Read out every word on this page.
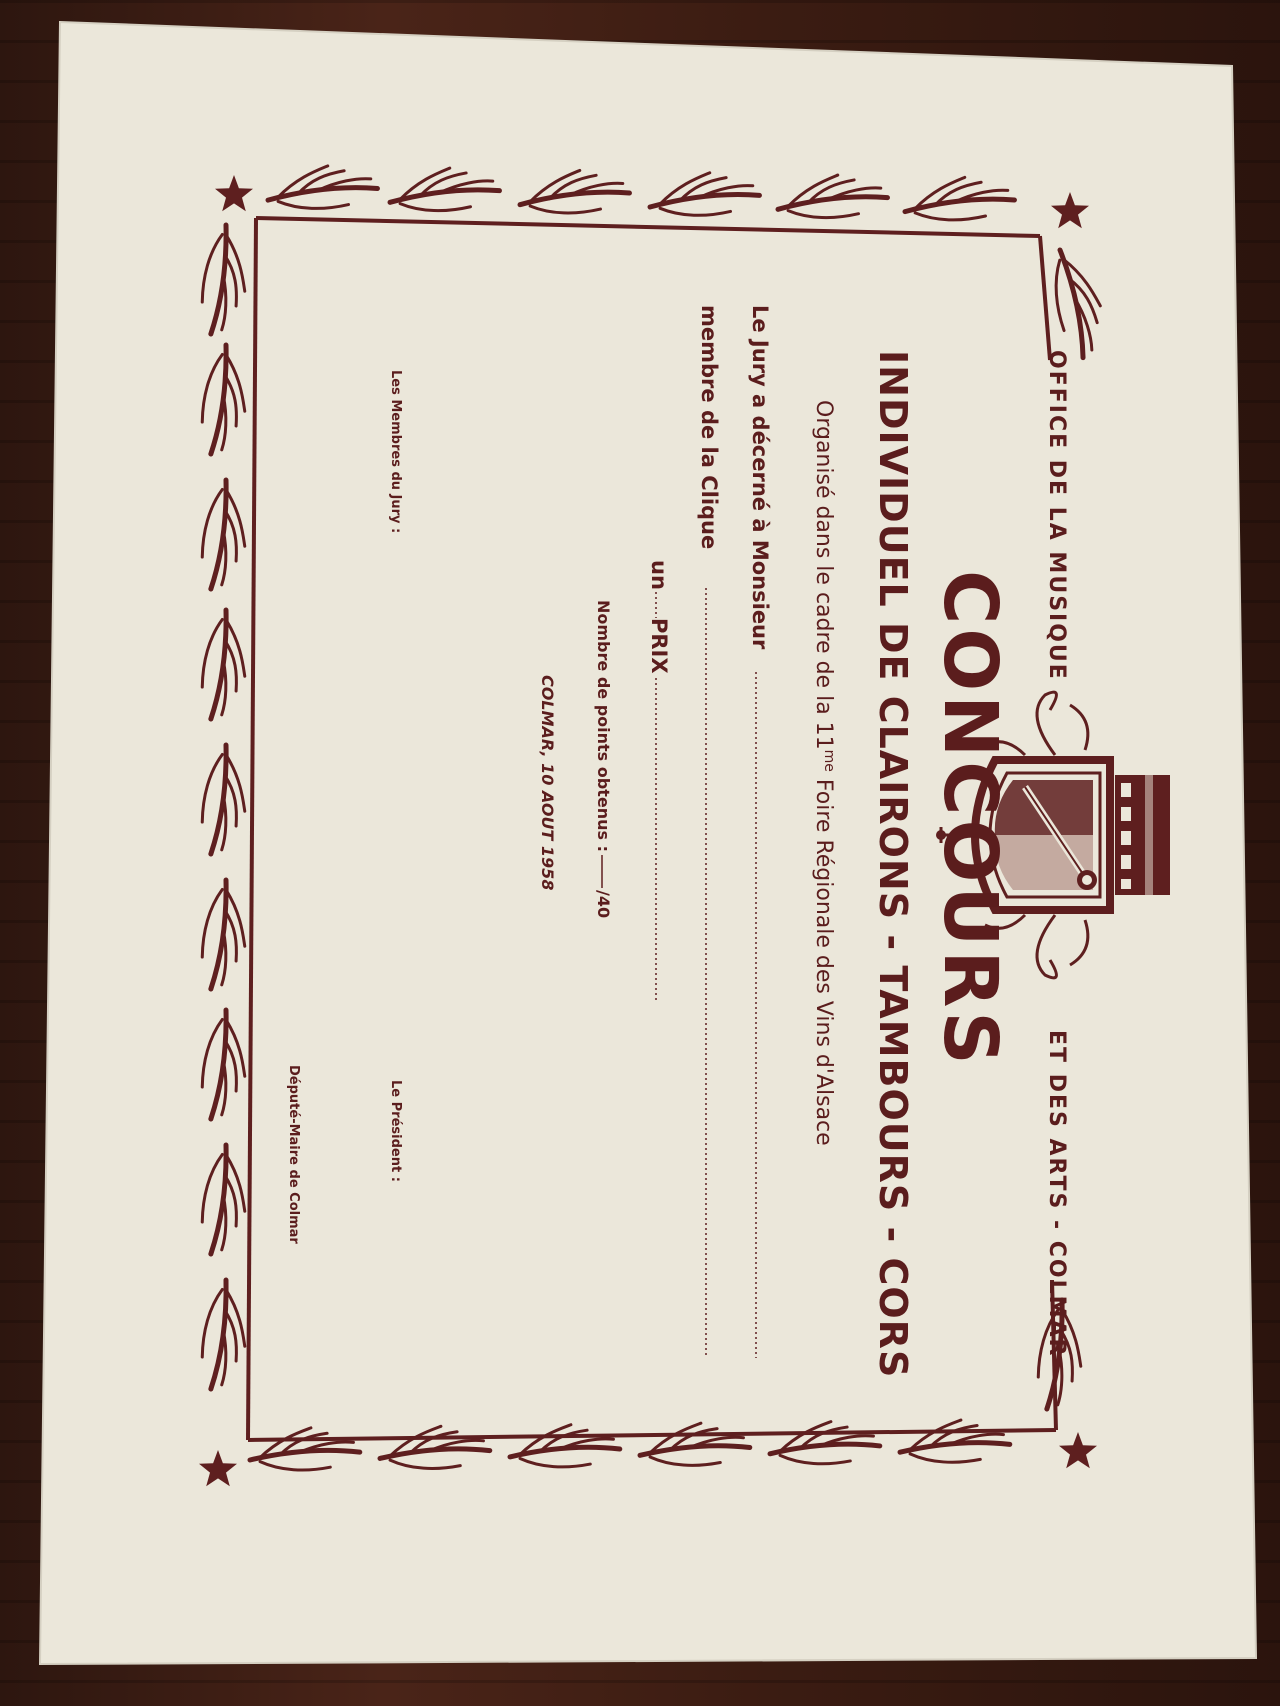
OFFICE DE LA MUSIQUE
ET DES ARTS - COLMAR
CONCOURS
INDIVIDUEL DE CLAIRONS - TAMBOURS - CORS
Organisé dans le cadre de la $11^{me}$ Foire Régionale des Vins d'Alsace
Le Jury a décerné à Monsieur
membre de la Clique
un
PRIX
Nombre de points obtenus :
/40
COLMAR, 10 AOUT 1958
Les Membres du Jury :
Le Président :
Député-Maire de Colmar
